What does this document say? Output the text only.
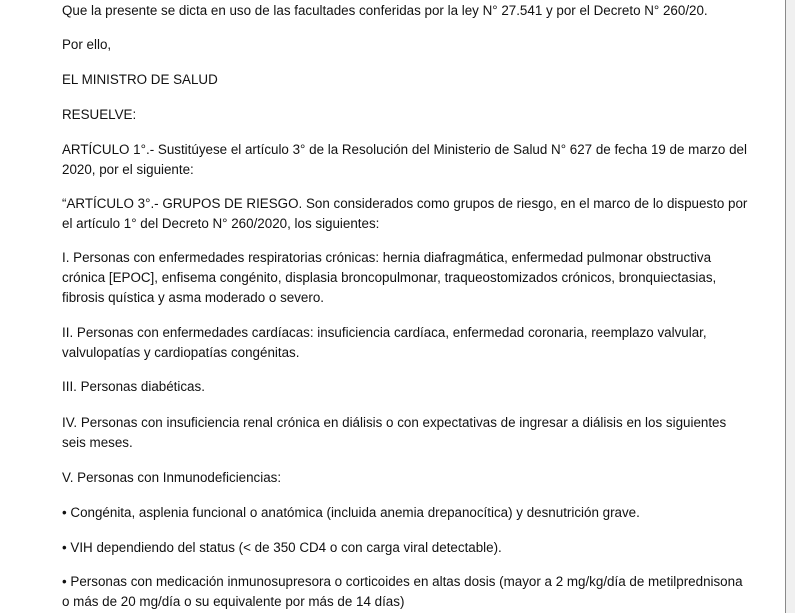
Que la presente se dicta en uso de las facultades conferidas por la ley N° 27.541 y por el Decreto N° 260/20.

Por ello,

EL MINISTRO DE SALUD

RESUELVE:

ARTÍCULO 1°.- Sustitúyese el artículo 3° de la Resolución del Ministerio de Salud N° 627 de fecha 19 de marzo del

2020, por el siguiente:

“ARTÍCULO 3°.- GRUPOS DE RIESGO. Son considerados como grupos de riesgo, en el marco de lo dispuesto por

el artículo 1° del Decreto N° 260/2020, los siguientes:

I. Personas con enfermedades respiratorias crónicas: hernia diafragmática, enfermedad pulmonar obstructiva

crónica [EPOC], enfisema congénito, displasia broncopulmonar, traqueostomizados crónicos, bronquiectasias,

fibrosis quística y asma moderado o severo.

II. Personas con enfermedades cardíacas: insuficiencia cardíaca, enfermedad coronaria, reemplazo valvular,

valvulopatías y cardiopatías congénitas.

III. Personas diabéticas.

IV. Personas con insuficiencia renal crónica en diálisis o con expectativas de ingresar a diálisis en los siguientes

seis meses.

V. Personas con Inmunodeficiencias:

• Congénita, asplenia funcional o anatómica (incluida anemia drepanocítica) y desnutrición grave.

• VIH dependiendo del status (< de 350 CD4 o con carga viral detectable).

• Personas con medicación inmunosupresora o corticoides en altas dosis (mayor a 2 mg/kg/día de metilprednisona

o más de 20 mg/día o su equivalente por más de 14 días)
